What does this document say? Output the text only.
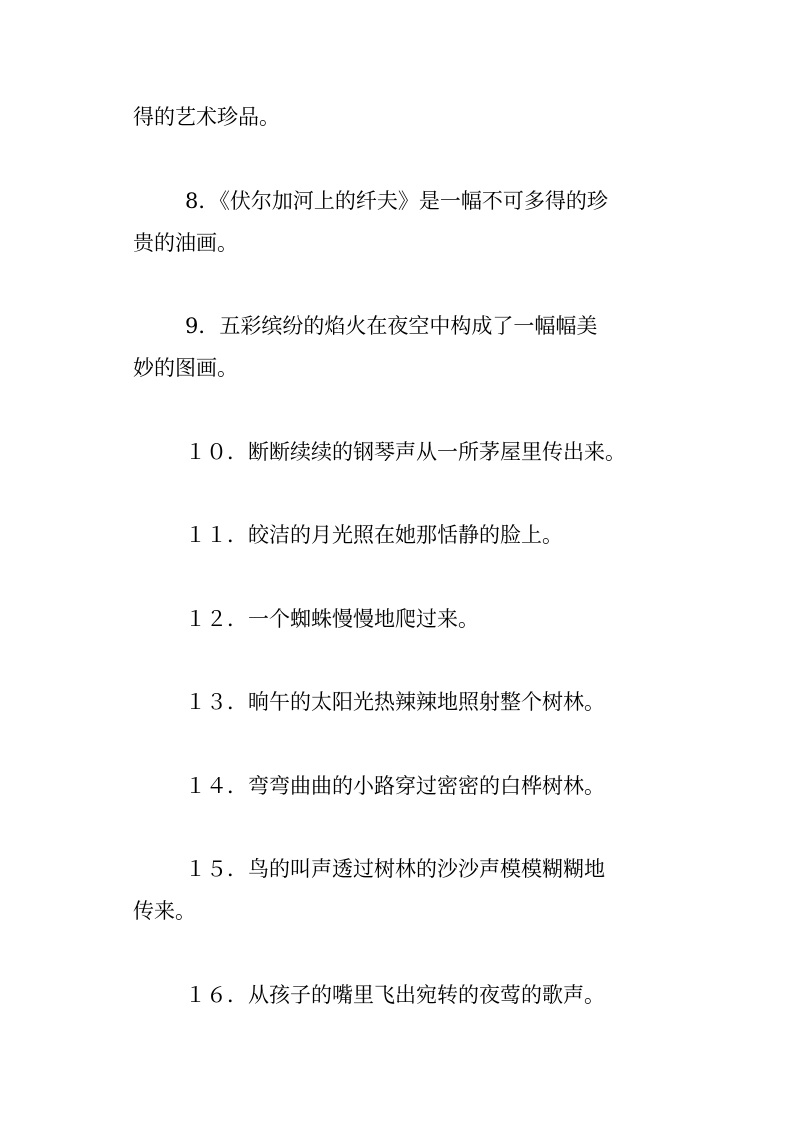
得的艺术珍品。

8．《伏尔加河上的纤夫》是一幅不可多得的珍

贵的油画。

9．五彩缤纷的焰火在夜空中构成了一幅幅美

妙的图画。

１０．断断续续的钢琴声从一所茅屋里传出来。

１１．皎洁的月光照在她那恬静的脸上。

１２．一个蜘蛛慢慢地爬过来。

１３．晌午的太阳光热辣辣地照射整个树林。

１４．弯弯曲曲的小路穿过密密的白桦树林。

１５．鸟的叫声透过树林的沙沙声模模糊糊地

传来。

１６．从孩子的嘴里飞出宛转的夜莺的歌声。
